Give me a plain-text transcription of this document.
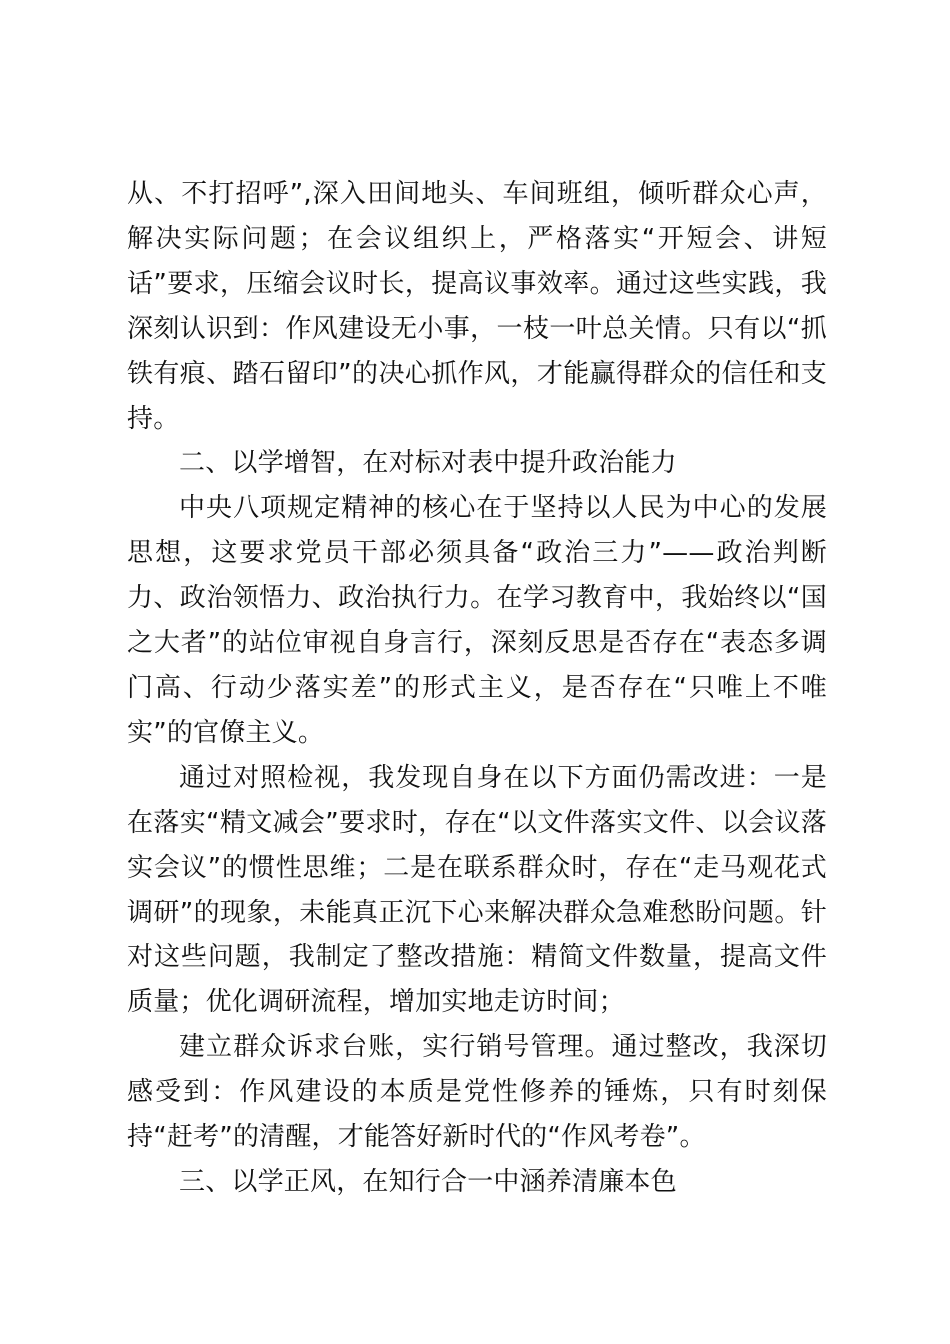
从、不打招呼”,深入田间地头、车间班组，倾听群众心声，解决实际问题；在会议组织上，严格落实“开短会、讲短话”要求，压缩会议时长，提高议事效率。通过这些实践，我深刻认识到：作风建设无小事，一枝一叶总关情。只有以“抓铁有痕、踏石留印”的决心抓作风，才能赢得群众的信任和支持。

二、以学增智，在对标对表中提升政治能力

中央八项规定精神的核心在于坚持以人民为中心的发展思想，这要求党员干部必须具备“政治三力”——政治判断力、政治领悟力、政治执行力。在学习教育中，我始终以“国之大者”的站位审视自身言行，深刻反思是否存在“表态多调门高、行动少落实差”的形式主义，是否存在“只唯上不唯实”的官僚主义。

通过对照检视，我发现自身在以下方面仍需改进：一是在落实“精文减会”要求时，存在“以文件落实文件、以会议落实会议”的惯性思维；二是在联系群众时，存在“走马观花式调研”的现象，未能真正沉下心来解决群众急难愁盼问题。针对这些问题，我制定了整改措施：精简文件数量，提高文件质量；优化调研流程，增加实地走访时间；

建立群众诉求台账，实行销号管理。通过整改，我深切感受到：作风建设的本质是党性修养的锤炼，只有时刻保持“赶考”的清醒，才能答好新时代的“作风考卷”。

三、以学正风，在知行合一中涵养清廉本色
